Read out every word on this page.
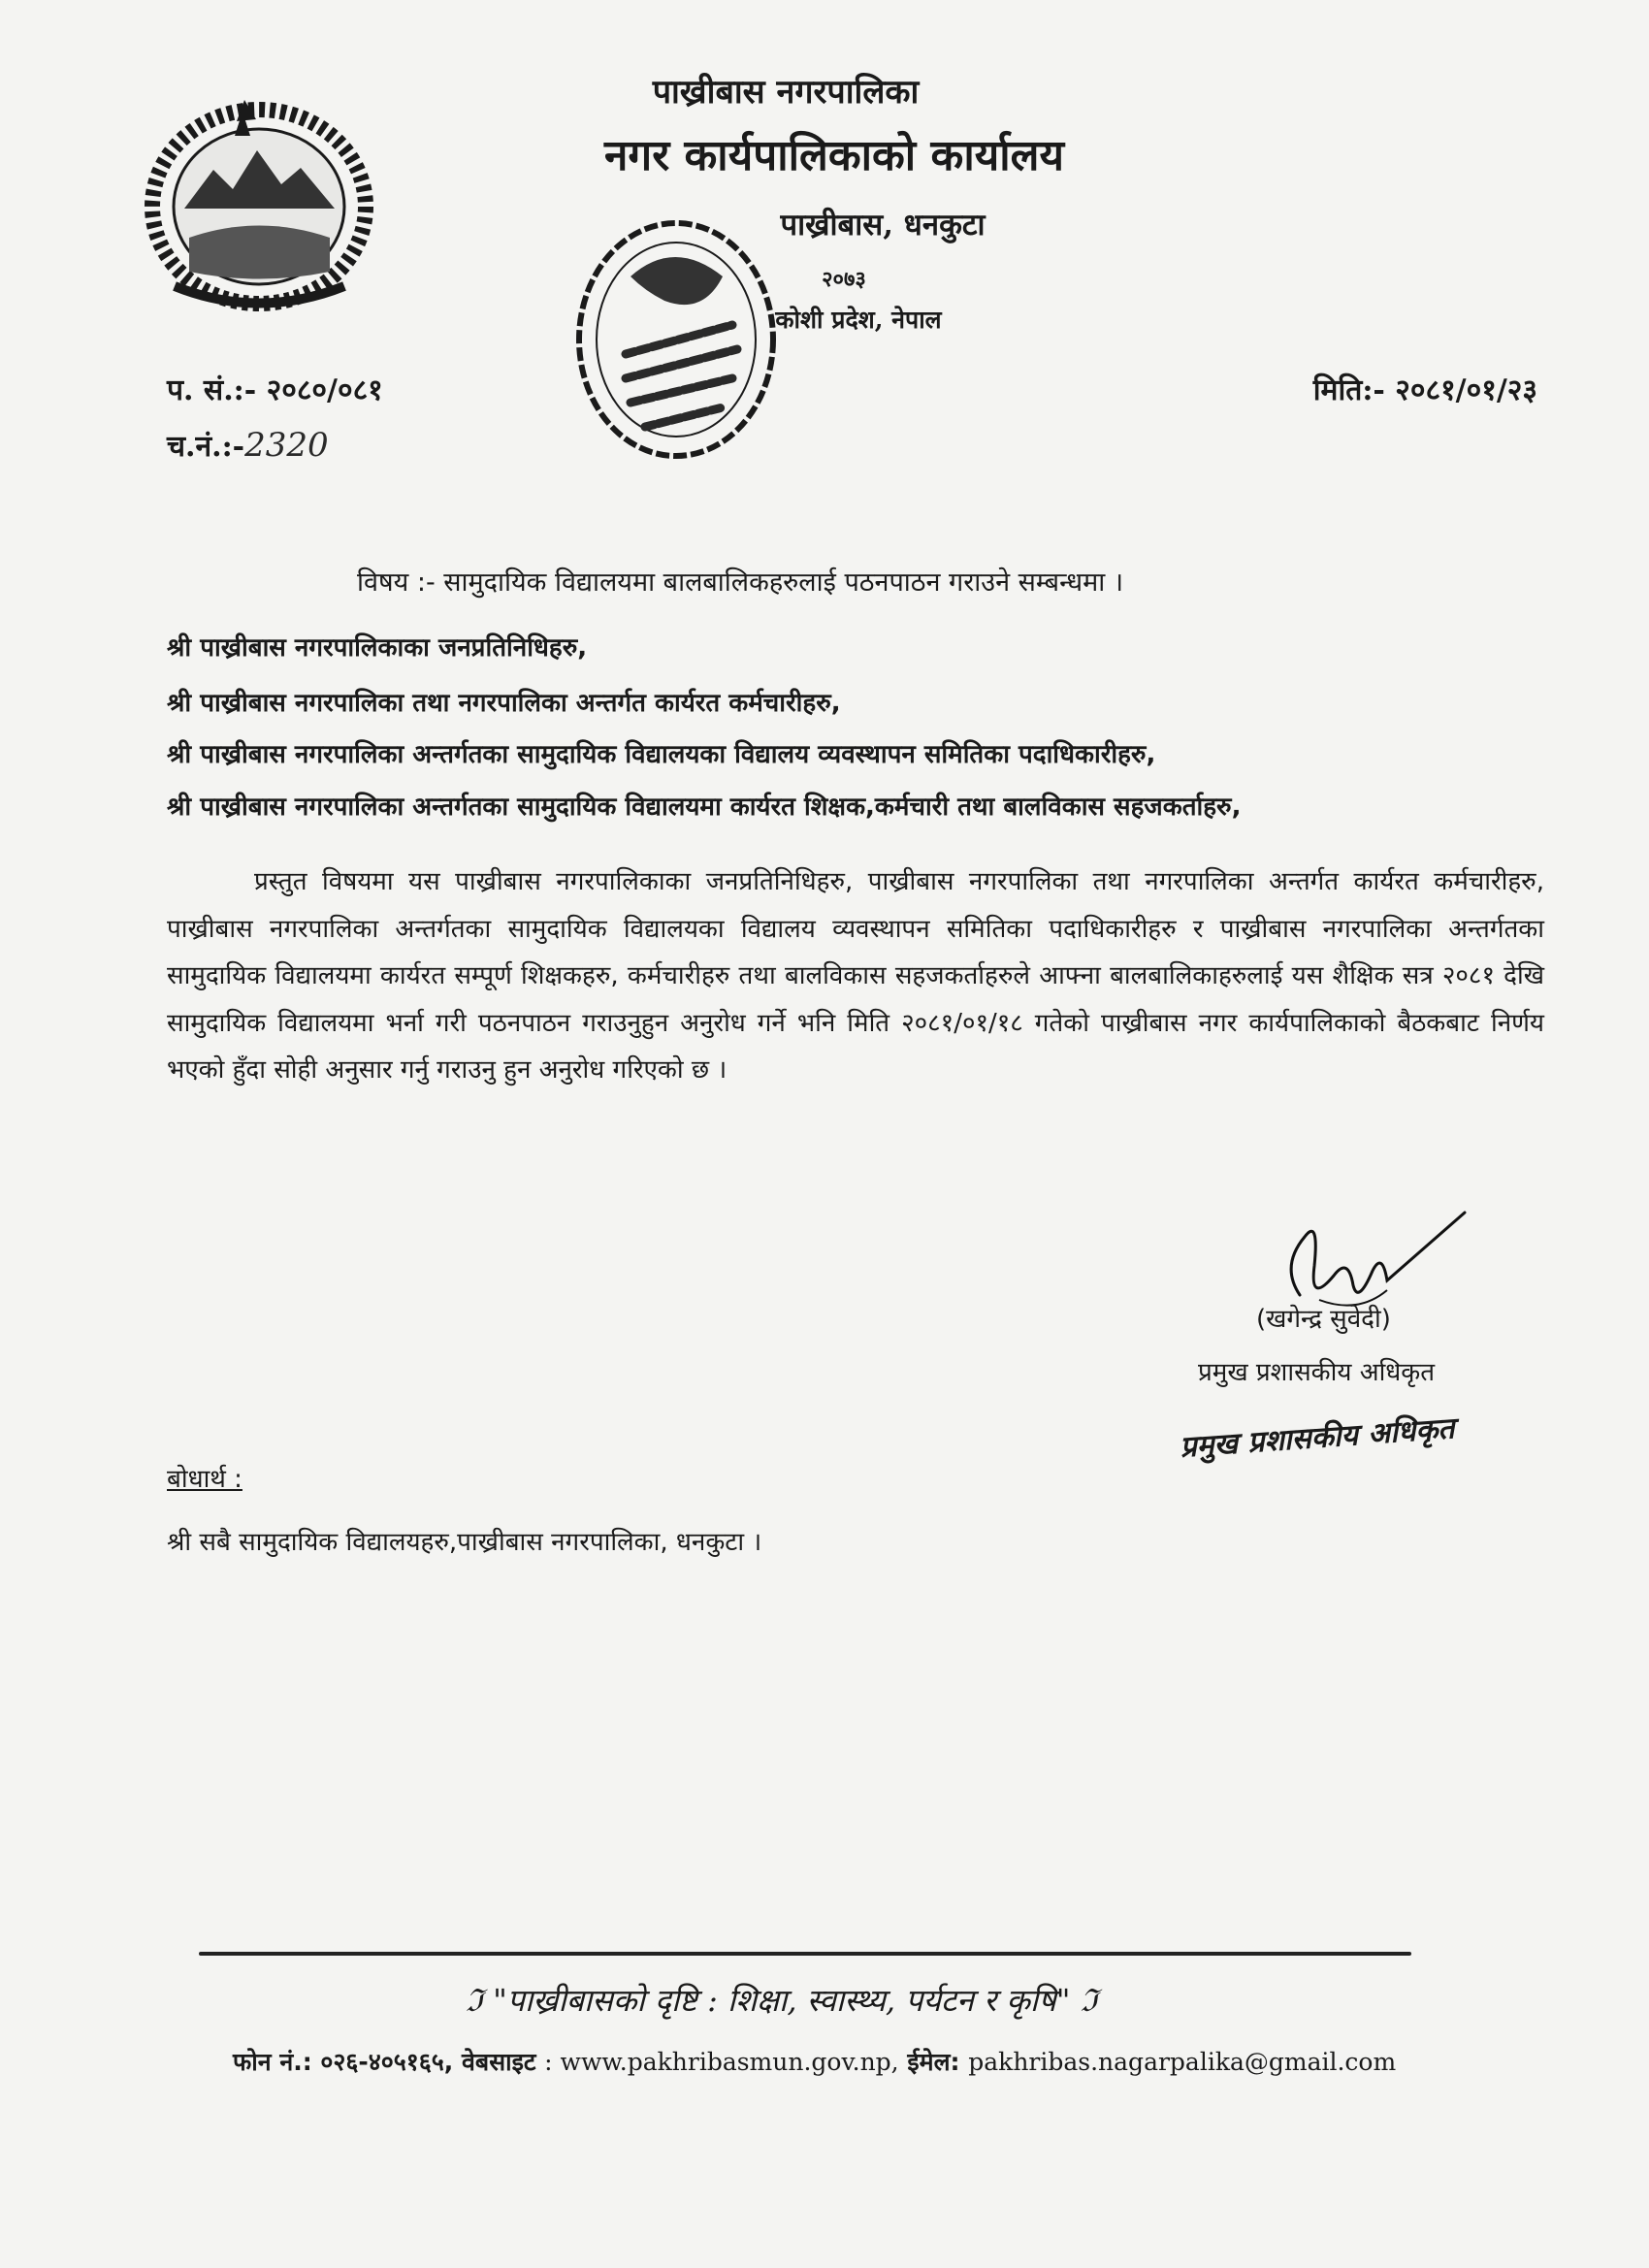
पाख्रीबास नगरपालिका
नगर कार्यपालिकाको कार्यालय
पाख्रीबास, धनकुटा
२०७३
कोशी प्रदेश, नेपाल
प. सं.:- २०८०/०८१
च.नं.:-2320
मिति:- २०८१/०१/२३
विषय :- सामुदायिक विद्यालयमा बालबालिकहरुलाई पठनपाठन गराउने सम्बन्धमा ।
श्री पाख्रीबास नगरपालिकाका जनप्रतिनिधिहरु,
श्री पाख्रीबास नगरपालिका तथा नगरपालिका अन्तर्गत कार्यरत कर्मचारीहरु,
श्री पाख्रीबास नगरपालिका अन्तर्गतका सामुदायिक विद्यालयका विद्यालय व्यवस्थापन समितिका पदाधिकारीहरु,
श्री पाख्रीबास नगरपालिका अन्तर्गतका सामुदायिक विद्यालयमा कार्यरत शिक्षक,कर्मचारी तथा बालविकास सहजकर्ताहरु,
प्रस्तुत विषयमा यस पाख्रीबास नगरपालिकाका जनप्रतिनिधिहरु, पाख्रीबास नगरपालिका तथा नगरपालिका अन्तर्गत कार्यरत कर्मचारीहरु, पाख्रीबास नगरपालिका अन्तर्गतका सामुदायिक विद्यालयका विद्यालय व्यवस्थापन समितिका पदाधिकारीहरु र पाख्रीबास नगरपालिका अन्तर्गतका सामुदायिक विद्यालयमा कार्यरत सम्पूर्ण शिक्षकहरु, कर्मचारीहरु तथा बालविकास सहजकर्ताहरुले आफ्ना बालबालिकाहरुलाई यस शैक्षिक सत्र २०८१ देखि सामुदायिक विद्यालयमा भर्ना गरी पठनपाठन गराउनुहुन अनुरोध गर्ने भनि मिति २०८१/०१/१८ गतेको पाख्रीबास नगर कार्यपालिकाको बैठकबाट निर्णय भएको हुँदा सोही अनुसार गर्नु गराउनु हुन अनुरोध गरिएको छ ।
(खगेन्द्र सुवेदी)
प्रमुख प्रशासकीय अधिकृत
प्रमुख प्रशासकीय अधिकृत
बोधार्थ :
श्री सबै सामुदायिक विद्यालयहरु,पाख्रीबास नगरपालिका, धनकुटा ।
ℑ "पाख्रीबासको दृष्टि : शिक्षा, स्वास्थ्य, पर्यटन र कृषि" ℑ
फोन नं.: ०२६-४०५१६५, वेबसाइट : www.pakhribasmun.gov.np, ईमेल: pakhribas.nagarpalika@gmail.com
